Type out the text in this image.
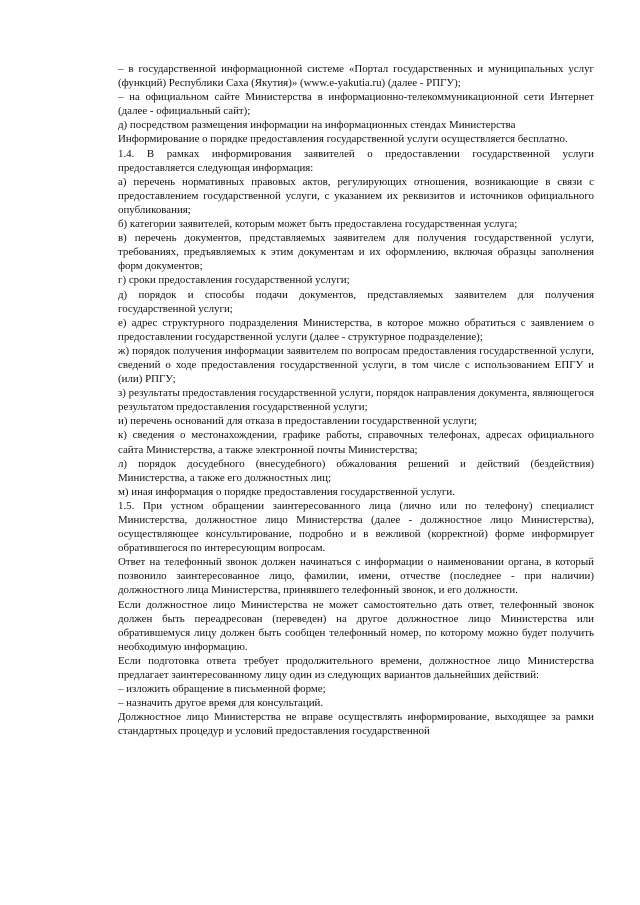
– в государственной информационной системе «Портал государственных и муниципальных услуг (функций) Республики Саха (Якутия)» (www.e-yakutia.ru) (далее - РПГУ);

– на официальном сайте Министерства в информационно-телекоммуникационной сети Интернет (далее - официальный сайт);

д) посредством размещения информации на информационных стендах Министерства

Информирование о порядке предоставления государственной услуги осуществляется бесплатно.

1.4. В рамках информирования заявителей о предоставлении государственной услуги предоставляется следующая информация:

а) перечень нормативных правовых актов, регулирующих отношения, возникающие в связи с предоставлением государственной услуги, с указанием их реквизитов и источников официального опубликования;

б) категории заявителей, которым может быть предоставлена государственная услуга;

в) перечень документов, представляемых заявителем для получения государственной услуги, требованиях, предъявляемых к этим документам и их оформлению, включая образцы заполнения форм документов;

г) сроки предоставления государственной услуги;

д) порядок и способы подачи документов, представляемых заявителем для получения государственной услуги;

е) адрес структурного подразделения Министерства, в которое можно обратиться с заявлением о предоставлении государственной услуги (далее - структурное подразделение);

ж) порядок получения информации заявителем по вопросам предоставления государственной услуги, сведений о ходе предоставления государственной услуги, в том числе с использованием ЕПГУ и (или) РПГУ;

з) результаты предоставления государственной услуги, порядок направления документа, являющегося результатом предоставления государственной услуги;

и) перечень оснований для отказа в предоставлении государственной услуги;

к) сведения о местонахождении, графике работы, справочных телефонах, адресах официального сайта Министерства, а также электронной почты Министерства;

л) порядок досудебного (внесудебного) обжалования решений и действий (бездействия) Министерства, а также его должностных лиц;

м) иная информация о порядке предоставления государственной услуги.

1.5. При устном обращении заинтересованного лица (лично или по телефону) специалист Министерства, должностное лицо Министерства (далее - должностное лицо Министерства), осуществляющее консультирование, подробно и в вежливой (корректной) форме информирует обратившегося по интересующим вопросам.

Ответ на телефонный звонок должен начинаться с информации о наименовании органа, в который позвонило заинтересованное лицо, фамилии, имени, отчестве (последнее - при наличии) должностного лица Министерства, принявшего телефонный звонок, и его должности.

Если должностное лицо Министерства не может самостоятельно дать ответ, телефонный звонок должен быть переадресован (переведен) на другое должностное лицо Министерства или обратившемуся лицу должен быть сообщен телефонный номер, по которому можно будет получить необходимую информацию.

Если подготовка ответа требует продолжительного времени, должностное лицо Министерства предлагает заинтересованному лицу один из следующих вариантов дальнейших действий:

– изложить обращение в письменной форме;

– назначить другое время для консультаций.

Должностное лицо Министерства не вправе осуществлять информирование, выходящее за рамки стандартных процедур и условий предоставления государственной
